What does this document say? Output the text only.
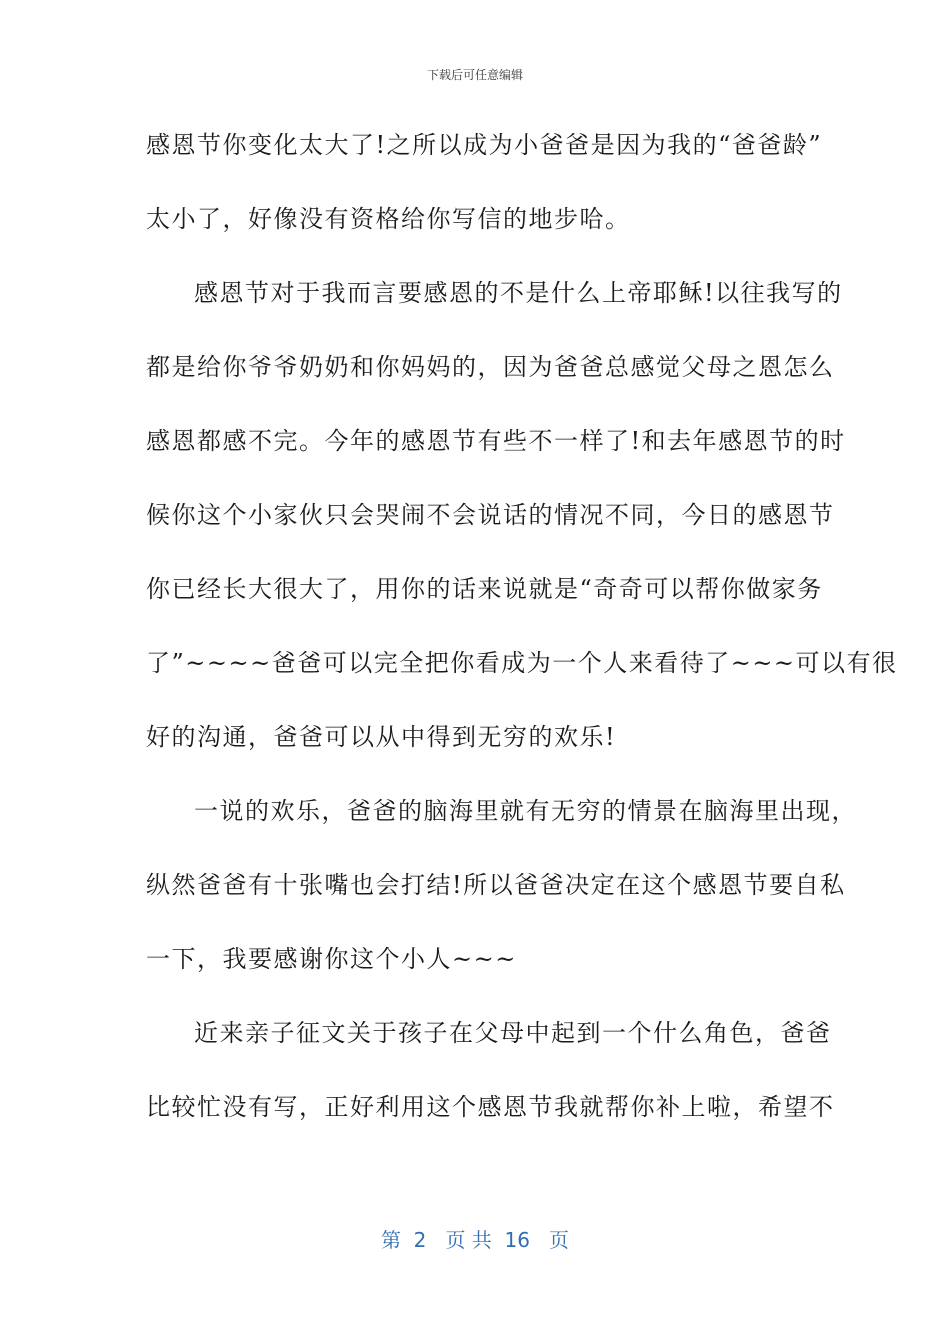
下载后可任意编辑
感恩节你变化太大了!之所以成为小爸爸是因为我的“爸爸龄”
太小了，好像没有资格给你写信的地步哈。
感恩节对于我而言要感恩的不是什么上帝耶稣!以往我写的
都是给你爷爷奶奶和你妈妈的，因为爸爸总感觉父母之恩怎么
感恩都感不完。今年的感恩节有些不一样了!和去年感恩节的时
候你这个小家伙只会哭闹不会说话的情况不同，今日的感恩节
你已经长大很大了，用你的话来说就是“奇奇可以帮你做家务
了”~~~~爸爸可以完全把你看成为一个人来看待了~~~可以有很
好的沟通，爸爸可以从中得到无穷的欢乐!
一说的欢乐，爸爸的脑海里就有无穷的情景在脑海里出现，
纵然爸爸有十张嘴也会打结!所以爸爸决定在这个感恩节要自私
一下，我要感谢你这个小人~~~
近来亲子征文关于孩子在父母中起到一个什么角色，爸爸
比较忙没有写，正好利用这个感恩节我就帮你补上啦，希望不
第  2   页 共  16   页
